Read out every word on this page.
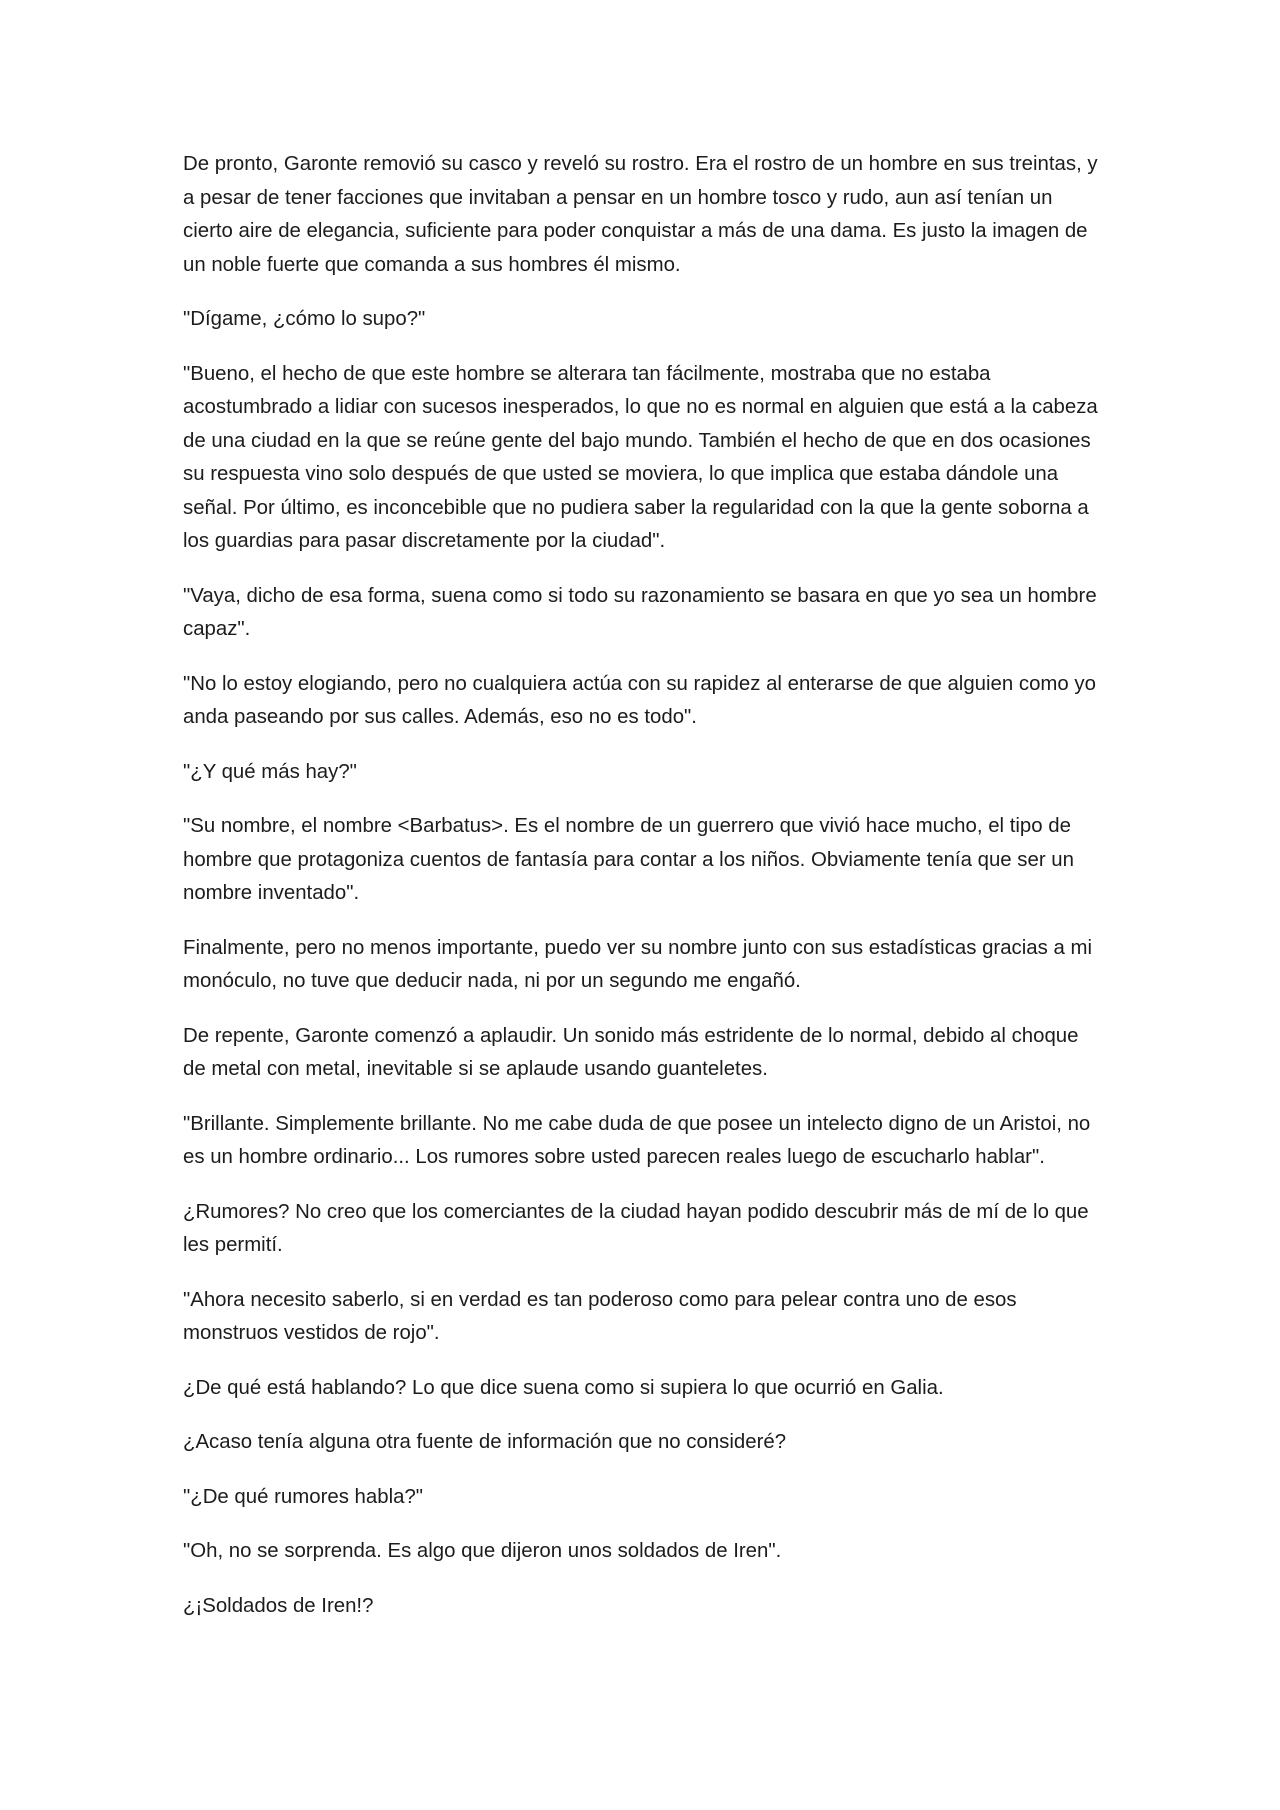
De pronto, Garonte removió su casco y reveló su rostro. Era el rostro de un hombre en sus treintas, y a pesar de tener facciones que invitaban a pensar en un hombre tosco y rudo, aun así tenían un cierto aire de elegancia, suficiente para poder conquistar a más de una dama. Es justo la imagen de un noble fuerte que comanda a sus hombres él mismo.

"Dígame, ¿cómo lo supo?"

"Bueno, el hecho de que este hombre se alterara tan fácilmente, mostraba que no estaba acostumbrado a lidiar con sucesos inesperados, lo que no es normal en alguien que está a la cabeza de una ciudad en la que se reúne gente del bajo mundo. También el hecho de que en dos ocasiones su respuesta vino solo después de que usted se moviera, lo que implica que estaba dándole una señal. Por último, es inconcebible que no pudiera saber la regularidad con la que la gente soborna a los guardias para pasar discretamente por la ciudad".

"Vaya, dicho de esa forma, suena como si todo su razonamiento se basara en que yo sea un hombre capaz".

"No lo estoy elogiando, pero no cualquiera actúa con su rapidez al enterarse de que alguien como yo anda paseando por sus calles. Además, eso no es todo".

"¿Y qué más hay?"

"Su nombre, el nombre <Barbatus>. Es el nombre de un guerrero que vivió hace mucho, el tipo de hombre que protagoniza cuentos de fantasía para contar a los niños. Obviamente tenía que ser un nombre inventado".

Finalmente, pero no menos importante, puedo ver su nombre junto con sus estadísticas gracias a mi monóculo, no tuve que deducir nada, ni por un segundo me engañó.

De repente, Garonte comenzó a aplaudir. Un sonido más estridente de lo normal, debido al choque de metal con metal, inevitable si se aplaude usando guanteletes.

"Brillante. Simplemente brillante. No me cabe duda de que posee un intelecto digno de un Aristoi, no es un hombre ordinario... Los rumores sobre usted parecen reales luego de escucharlo hablar".

¿Rumores? No creo que los comerciantes de la ciudad hayan podido descubrir más de mí de lo que les permití.

"Ahora necesito saberlo, si en verdad es tan poderoso como para pelear contra uno de esos monstruos vestidos de rojo".

¿De qué está hablando? Lo que dice suena como si supiera lo que ocurrió en Galia.

¿Acaso tenía alguna otra fuente de información que no consideré?

"¿De qué rumores habla?"

"Oh, no se sorprenda. Es algo que dijeron unos soldados de Iren".

¿¡Soldados de Iren!?
